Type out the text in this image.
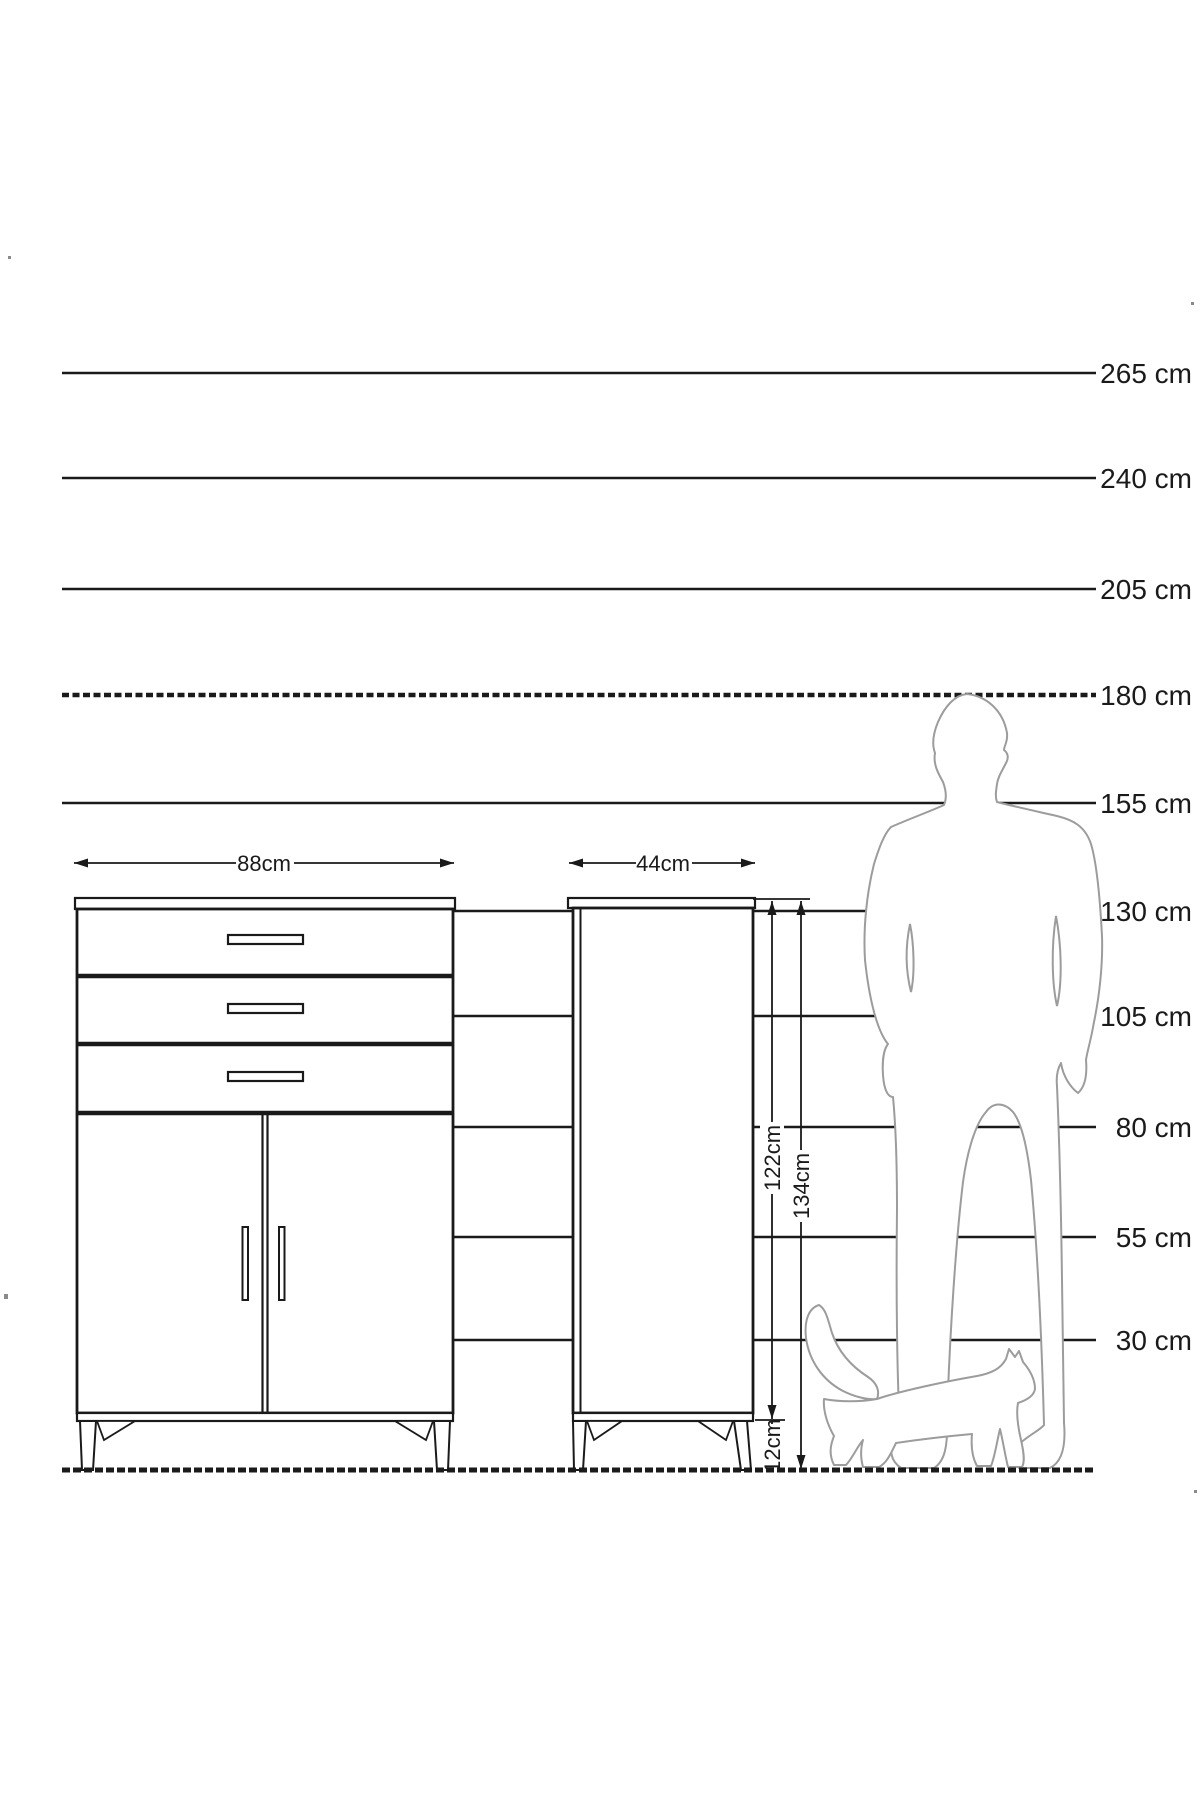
88cm	44cm
122cm 134cm
12cm
265 cm
240 cm
205 cm
180 cm
155 cm
130 cm
105 cm
80 cm
55 cm
30 cm
